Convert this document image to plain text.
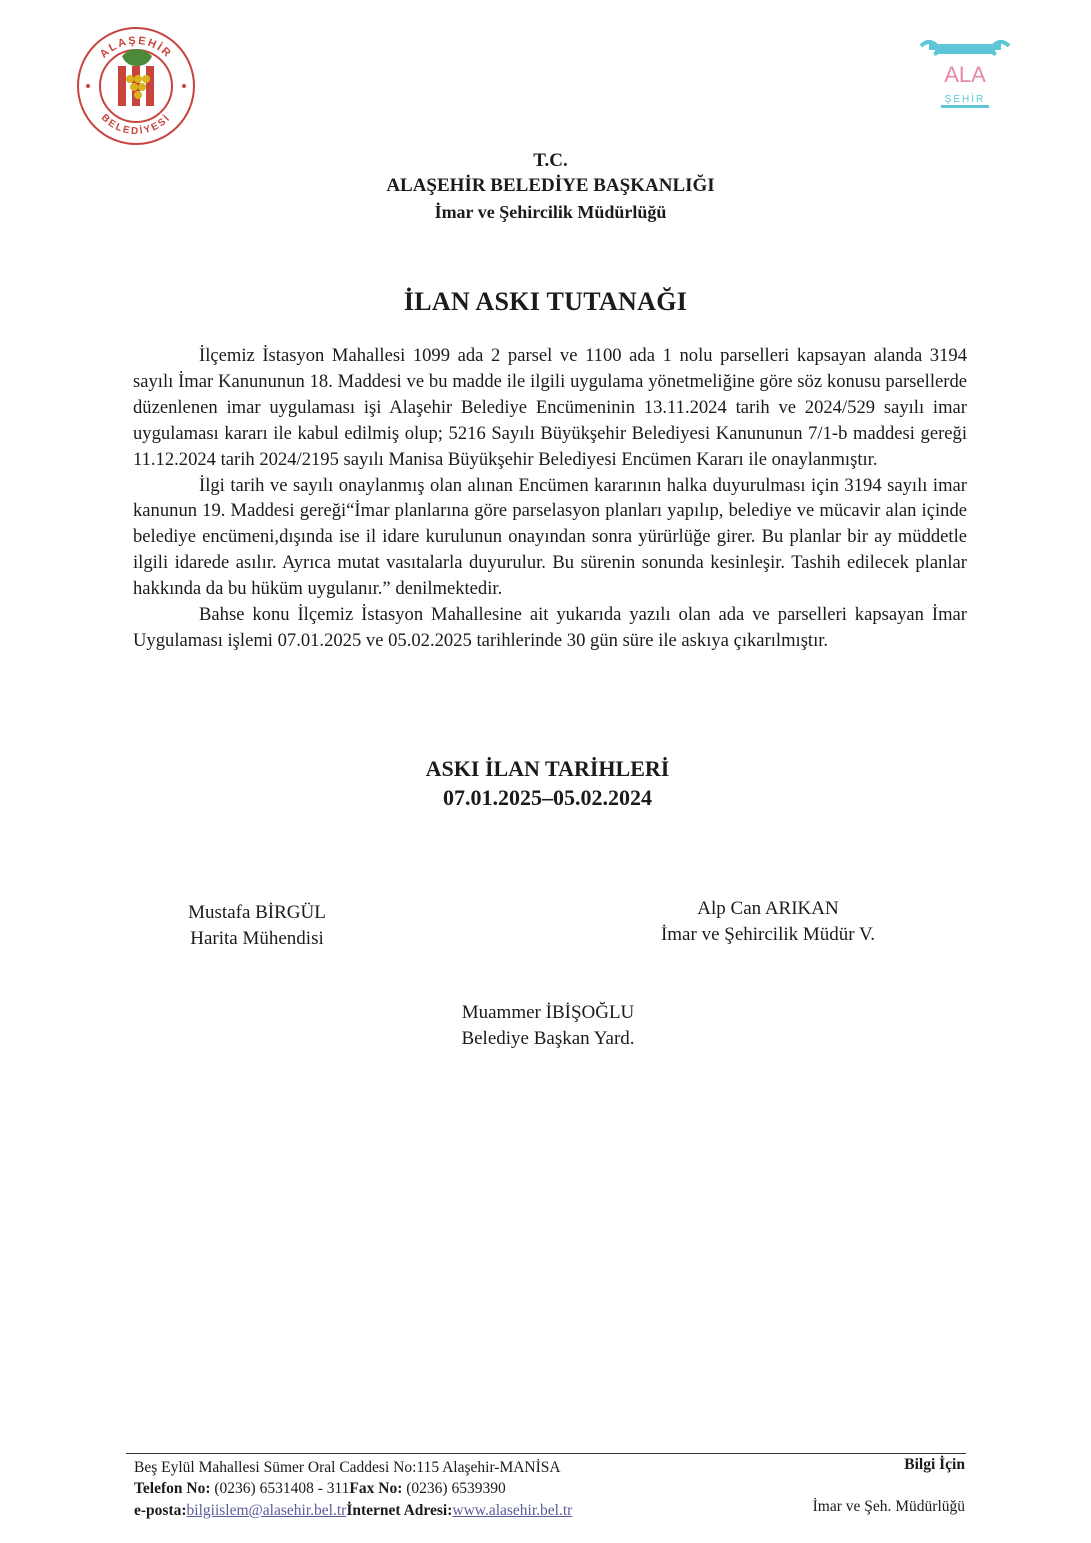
ALAŞEHİR
BELEDİYESİ
ALA
ŞEHİR
T.C.
ALAŞEHİR BELEDİYE BAŞKANLIĞI
İmar ve Şehircilik Müdürlüğü
İLAN ASKI TUTANAĞI

İlçemiz İstasyon Mahallesi 1099 ada 2 parsel ve 1100 ada 1 nolu parselleri kapsayan alanda 3194 sayılı İmar Kanununun 18. Maddesi ve bu madde ile ilgili uygulama yönetmeliğine göre söz konusu parsellerde düzenlenen imar uygulaması işi Alaşehir Belediye Encümeninin 13.11.2024 tarih ve 2024/529 sayılı imar uygulaması kararı ile kabul edilmiş olup; 5216 Sayılı Büyükşehir Belediyesi Kanununun 7/1-b maddesi gereği 11.12.2024 tarih 2024/2195 sayılı Manisa Büyükşehir Belediyesi Encümen Kararı ile onaylanmıştır.

İlgi tarih ve sayılı onaylanmış olan alınan Encümen kararının halka duyurulması için 3194 sayılı imar kanunun 19. Maddesi gereği“İmar planlarına göre parselasyon planları yapılıp, belediye ve mücavir alan içinde belediye encümeni,dışında ise il idare kurulunun onayından sonra yürürlüğe girer. Bu planlar bir ay müddetle ilgili idarede asılır. Ayrıca mutat vasıtalarla duyurulur. Bu sürenin sonunda kesinleşir. Tashih edilecek planlar hakkında da bu hüküm uygulanır.” denilmektedir.

Bahse konu İlçemiz İstasyon Mahallesine ait yukarıda yazılı olan ada ve parselleri kapsayan İmar Uygulaması işlemi 07.01.2025 ve 05.02.2025 tarihlerinde 30 gün süre ile askıya çıkarılmıştır.

ASKI İLAN TARİHLERİ
07.01.2025–05.02.2024
Mustafa BİRGÜL
Harita Mühendisi
Alp Can ARIKAN
İmar ve Şehircilik Müdür V.
Muammer İBİŞOĞLU
Belediye Başkan Yard.
Beş Eylül Mahallesi Sümer Oral Caddesi No:115 Alaşehir-MANİSA
Telefon No: (0236) 6531408 - 311Fax No: (0236) 6539390
e-posta:bilgiislem@alasehir.bel.trİnternet Adresi:www.alasehir.bel.tr
Bilgi İçin
İmar ve Şeh. Müdürlüğü
